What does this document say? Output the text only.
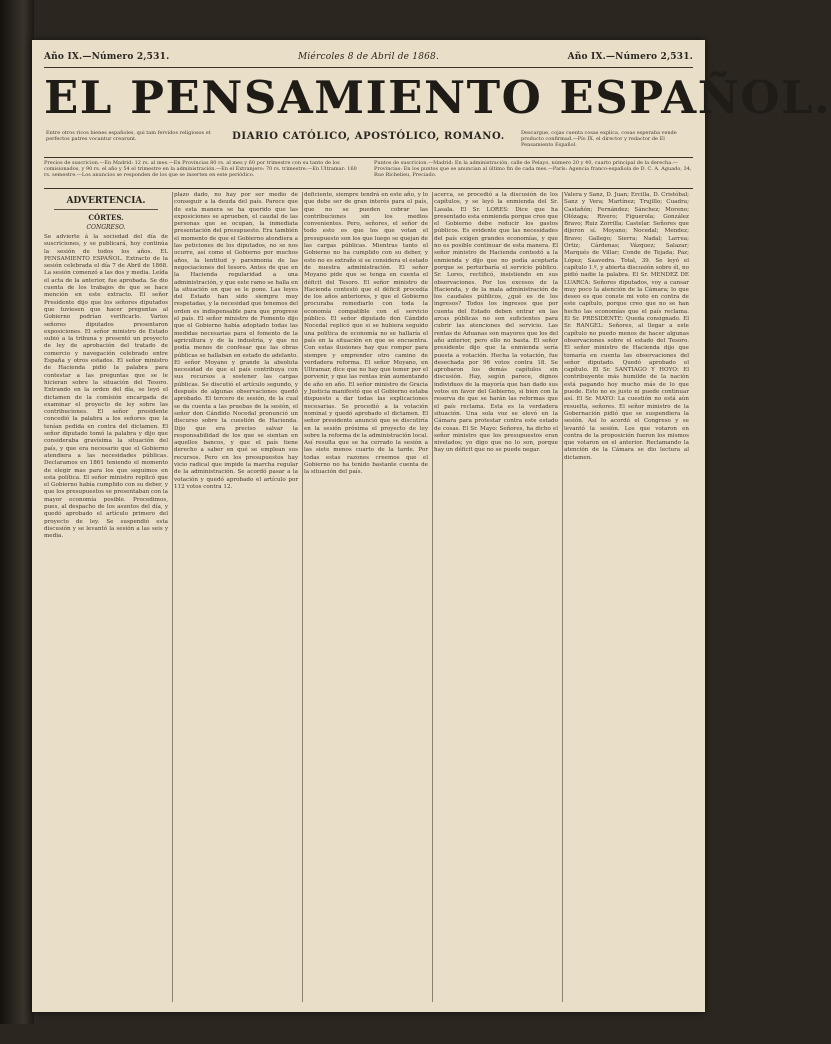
Año IX.—Número 2,531.	Miércoles 8 de Abril de 1868.	Año IX.—Número 2,531.
EL PENSAMIENTO ESPAÑOL.
Entre otros ricos bienes españoles, qui tam fervidos religiosos et perfectos patres vocantur crearunt.	DIARIO CATÓLICO, APOSTÓLICO, ROMANO.	Descargue, cojas cuenta cosas explica, cosas esperaba vende producto confirmad.—Pío IX, el director y redactor de El Pensamiento Español.
Precios de suscricion.—En Madrid: 12 rs. al mes.—En Provincias 80 rs. al mes y 60 por trimestre con su tanto de los comisionados, y 90 rs. el año y 54 el trimestre en la administración.—En el Extranjero: 70 rs. trimestre.—En Ultramar: 160 rs. semestre.—Los anuncios se responden de los que se inserten en este periódico.
Puntos de suscricion.—Madrid: En la administración, calle de Pelayo, número 20 y 40, cuarto principal de la derecha.—Provincias: En los puntos que se anuncian al último fin de cada mes.—París: Agencia franco-española de D. C. A. Aguado, 34, Rue Richelieu, Preciado.
ADVERTENCIA.
CÓRTES.
CONGRESO.
Se advierte á la sociedad del día de suscriciones, y se publicará, hoy continúa la sesión de todos los años. EL PENSAMIENTO ESPAÑOL. Extracto de la sesión celebrada el día 7 de Abril de 1868. La sesión comenzó a las dos y media. Leída el acta de la anterior, fue aprobada. Se dio cuenta de los trabajos de que se hace mención en este extracto. El señor Presidente dijo que los señores diputados que tuviesen que hacer preguntas al Gobierno podrían verificarlo. Varios señores diputados presentaron exposiciones. El señor ministro de Estado subió a la tribuna y presentó un proyecto de ley de aprobación del tratado de comercio y navegación celebrado entre España y otros estados. El señor ministro de Hacienda pidió la palabra para contestar a las preguntas que se le hicieran sobre la situación del Tesoro. Entrando en la orden del día, se leyó el dictamen de la comisión encargada de examinar el proyecto de ley sobre las contribuciones. El señor presidente concedió la palabra a los señores que la tenían pedida en contra del dictamen. El señor diputado tomó la palabra y dijo que consideraba gravísima la situación del país, y que era necesario que el Gobierno atendiera a las necesidades públicas. Declaramos en 1861 teniendo el momento de elegir mas para los que seguimos en esta política. El señor ministro replicó que el Gobierno había cumplido con su deber, y que los presupuestos se presentaban con la mayor economía posible. Procedimos, pues, al despacho de los asuntos del día, y quedó aprobado el artículo primero del proyecto de ley. Se suspendió esta discusión y se levantó la sesión a las seis y media.
plazo dado, no hay por ser medio de conseguir a la deuda del país. Parece que de esta manera se ha querido que las exposiciones se aprueben, el caudal de las personas que se ocupan, la inmediata presentación del presupuesto. Era también el momento de que el Gobierno atendiera a las peticiones de los diputados, no se nos ocurre, así como el Gobierno por muchos años, la lentitud y parsimonia de las negociaciones del tesoro. Antes de que en la Hacienda regularidad a una administración, y que este ramo se halla en la situación en que se le pone. Las leyes del Estado han sido siempre muy respetadas, y la necesidad que tenemos del orden es indispensable para que progrese el país. El señor ministro de Fomento dijo que el Gobierno había adoptado todas las medidas necesarias para el fomento de la agricultura y de la industria, y que no podía menos de confesar que las obras públicas se hallaban en estado de adelanto. El señor Moyano y grande la absoluta necesidad de que el país contribuya con sus recursos a sostener las cargas públicas. Se discutió el artículo segundo, y después de algunas observaciones quedó aprobado. El tercero de sesión, de la cual se da cuenta a las pruebas de la sesión, el señor don Cándido Nocedal pronunció un discurso sobre la cuestión de Hacienda. Dijo que era preciso salvar la responsabilidad de los que se sientan en aquellos bancos, y que el país tiene derecho a saber en qué se emplean sus recursos. Pero en los presupuestos hay vicio radical que impide la marcha regular de la administración. Se acordó pasar a la votación y quedó aprobado el artículo por 112 votos contra 12.
deficiente, siempre tendrá en este año, y lo que debe ser de gran interés para el país, que no se pueden cobrar las contribuciones sin los medios convenientes. Pero, señores, el señor de todo esto es que los que votan el presupuesto son los que luego se quejan de las cargas públicas. Mientras tanto el Gobierno no ha cumplido con su deber, y esto no es extraño si se considera el estado de nuestra administración. El señor Moyano pide que se tenga en cuenta el déficit del Tesoro. El señor ministro de Hacienda contestó que el déficit procedía de los años anteriores, y que el Gobierno procuraba remediarlo con toda la economía compatible con el servicio público. El señor diputado don Cándido Nocedal replicó que si se hubiera seguido una política de economía no se hallaría el país en la situación en que se encuentra. Con estas ilusiones hay que romper para siempre y emprender otro camino de verdadera reforma. El señor Moyano, en Ultramar, dice que no hay que temer por el porvenir, y que las rentas irán aumentando de año en año. El señor ministro de Gracia y Justicia manifestó que el Gobierno estaba dispuesto a dar todas las explicaciones necesarias. Se procedió a la votación nominal y quedó aprobado el dictamen. El señor presidente anunció que se discutiría en la sesión próxima el proyecto de ley sobre la reforma de la administración local. Así resulta que se ha cerrado la sesión a las siete menos cuarto de la tarde. Por todas estas razones creemos que el Gobierno no ha tenido bastante cuenta de la situación del país.
acerca, se procedió a la discusión de los capítulos, y se leyó la enmienda del Sr. Lasala. El Sr. LORES: Dice que ha presentado esta enmienda porque cree que el Gobierno debe reducir los gastos públicos. Es evidente que las necesidades del país exigen grandes economías, y que no es posible continuar de esta manera. El señor ministro de Hacienda contestó a la enmienda y dijo que no podía aceptarla porque se perturbaría el servicio público. Sr. Lores, rectificó, insistiendo en sus observaciones. Por los excesos de la Hacienda, y de la mala administración de los caudales públicos, ¿qué es de los ingresos? Todos los ingresos que por cuenta del Estado deben entrar en las arcas públicas no son suficientes para cubrir las atenciones del servicio. Las rentas de Aduanas son mayores que los del año anterior, pero ello no basta. El señor presidente dijo que la enmienda sería puesta a votación. Hecha la votación, fue desechada por 96 votos contra 18. Se aprobaron los demás capítulos sin discusión. Hay, según parece, dignos individuos de la mayoría que han dado sus votos en favor del Gobierno, si bien con la reserva de que se harán las reformas que el país reclama. Esta es la verdadera situación. Una sola voz se elevó en la Cámara para protestar contra este estado de cosas. El Sr. Mayo: Señores, ha dicho el señor ministro que los presupuestos eran nivelados; yo digo que no lo son, porque hay un déficit que no se puede negar.
Valera y Sanz, D. Juan; Ercilla, D. Cristóbal; Sanz y Vera; Martínez; Trujillo; Cuadra; Castañón; Fernández; Sánchez; Moreno; Olózaga; Rivero; Figuerola; González Bravo; Ruiz Zorrilla; Castelar. Señores que dijeron sí. Moyano; Nocedal; Mendez; Bravo; Gallego; Sierra; Nadal; Larrea; Ortiz; Cárdenas; Vázquez; Salazar; Marqués de Villar; Conde de Tejada; Paz; López; Saavedra. Total, 39. Se leyó el capítulo 1.º, y abierta discusión sobre él, no pidió nadie la palabra. El Sr. MENDEZ DE LUARCA: Señores diputados, voy a cansar muy poco la atención de la Cámara; lo que deseo es que conste mi voto en contra de este capítulo, porque creo que no se han hecho las economías que el país reclama. El Sr. PRESIDENTE: Queda consignado. El Sr. RANGEL: Señores, al llegar a este capítulo no puedo menos de hacer algunas observaciones sobre el estado del Tesoro. El señor ministro de Hacienda dijo que tomaría en cuenta las observaciones del señor diputado. Quedó aprobado el capítulo. El Sr. SANTIAGO Y HOYO: El contribuyente más humilde de la nación está pagando hoy mucho más de lo que puede. Esto no es justo ni puede continuar así. El Sr. MAYO: La cuestión no está aún resuelta, señores. El señor ministro de la Gobernación pidió que se suspendiera la sesión. Así lo acordó el Congreso y se levantó la sesión. Los que votaron en contra de la proposición fueron los mismos que votaron en el anterior. Reclamando la atención de la Cámara se dio lectura al dictamen.
